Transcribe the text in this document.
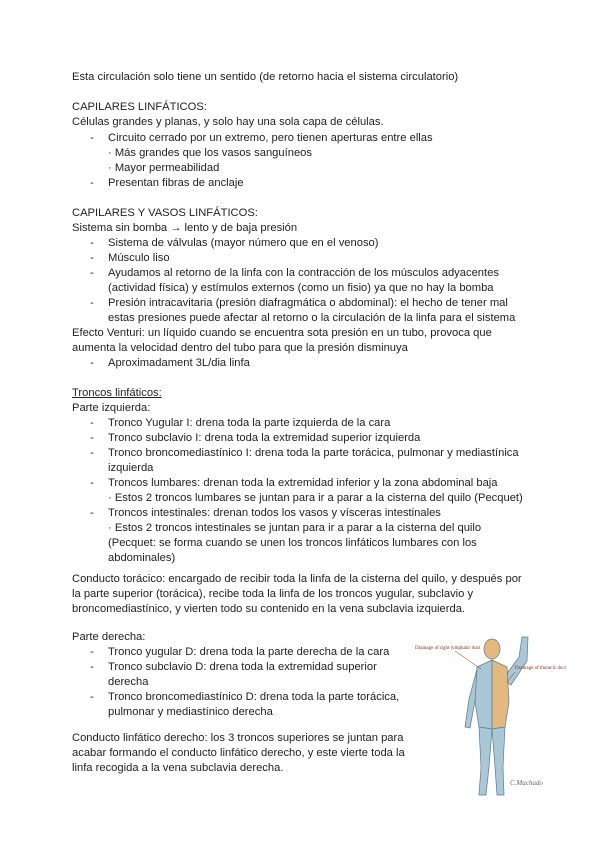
Esta circulación solo tiene un sentido (de retorno hacia el sistema circulatorio)
CAPILARES LINFÁTICOS:
Células grandes y planas, y solo hay una sola capa de células.
- Circuito cerrado por un extremo, pero tienen aperturas entre ellas
· Más grandes que los vasos sanguíneos
· Mayor permeabilidad
- Presentan fibras de anclaje
CAPILARES Y VASOS LINFÁTICOS:
Sistema sin bomba → lento y de baja presión
- Sistema de válvulas (mayor número que en el venoso)
- Músculo liso
- Ayudamos al retorno de la linfa con la contracción de los músculos adyacentes
(actividad física) y estímulos externos (como un fisio) ya que no hay la bomba
- Presión intracavitaria (presión diafragmática o abdominal): el hecho de tener mal
estas presiones puede afectar al retorno o la circulación de la linfa para el sistema
Efecto Venturi: un líquido cuando se encuentra sota presión en un tubo, provoca que
aumenta la velocidad dentro del tubo para que la presión disminuya
- Aproximadament 3L/dia linfa
Troncos linfáticos:
Parte izquierda:
- Tronco Yugular I: drena toda la parte izquierda de la cara
- Tronco subclavio I: drena toda la extremidad superior izquierda
- Tronco broncomediastínico I: drena toda la parte torácica, pulmonar y mediastínica
izquierda
- Troncos lumbares: drenan toda la extremidad inferior y la zona abdominal baja
· Estos 2 troncos lumbares se juntan para ir a parar a la cisterna del quilo (Pecquet)
- Troncos intestinales: drenan todos los vasos y vísceras intestinales
· Estos 2 troncos intestinales se juntan para ir a parar a la cisterna del quilo
(Pecquet: se forma cuando se unen los troncos linfáticos lumbares con los
abdominales)
Conducto torácico: encargado de recibir toda la linfa de la cisterna del quilo, y después por
la parte superior (torácica), recibe toda la linfa de los troncos yugular, subclavio y
broncomediastínico, y vierten todo su contenido en la vena subclavia izquierda.
Parte derecha:
- Tronco yugular D: drena toda la parte derecha de la cara
- Tronco subclavio D: drena toda la extremidad superior
derecha
- Tronco broncomediastínico D: drena toda la parte torácica,
pulmonar y mediastínico derecha
Conducto linfático derecho: los 3 troncos superiores se juntan para
acabar formando el conducto linfático derecho, y este vierte toda la
linfa recogida a la vena subclavia derecha.
Drainage of right lymphatic duct
Drainage of thoracic duct
C.Machado
